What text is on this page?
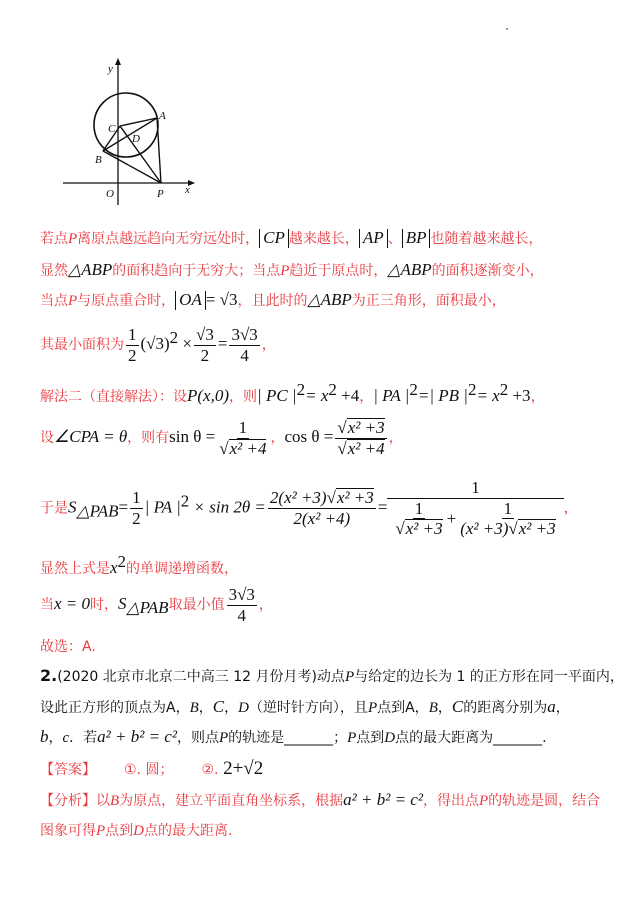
y
x
O	P
A
B
C
D
若点P离原点越远趋向无穷远处时， CP 越来越长， AP 、 BP 也随着越来越长，
显然△ABP的面积趋向于无穷大；当点P趋近于原点时，△ABP的面积逐渐变小，
当点P与原点重合时， OA = √3，且此时的△ABP为正三角形，面积最小，
其最小面积为 $\frac{1}{2} (√3)^2 \times \frac{√3}{2} = \frac{3√3}{4}$ ，
解法二（直接解法）：设P(x,0)，则| PC $|^2= x^2 +4$，| PA $|^2=|$ PB $|^2= x^2 +3$，
设∠CPA = θ，则有$\sin \theta = \frac{1}{\text{√x² +4}}$ ，$\cos \theta = \frac{\text{√x² +3}}{\text{√x² +4}}$ ，
于是$S_{\triangle PAB}= \frac{1}{2}$ | PA $|^2 \times \sin 2\theta = \frac{\text{2(x² +3)√x² +3}}{\text{2(x² +4)}} = \frac{1}{\frac{1}{\text{√x² +3}} + \frac{1}{\text{(x² +3)√x² +3}}}$ ，
显然上式是$x^2$的单调递增函数，
当x = 0时，$S_{\triangle PAB}$取最小值 $\frac{3√3}{4}$ ，
故选：A.
2.(2020 北京市北京二中高三 12 月份月考)动点P与给定的边长为 1 的正方形在同一平面内，
设此正方形的顶点为A，B，C，D（逆时针方向），且P点到A，B，C的距离分别为a，
b，c．若a² + b² = c²，则点P的轨迹是_______；P点到D点的最大距离为_______.
【答案】 ①. 圆； ②. 2+√2
【分析】以B为原点，建立平面直角坐标系，根据a² + b² = c²，得出点P的轨迹是圆，结合
图象可得P点到D点的最大距离.
